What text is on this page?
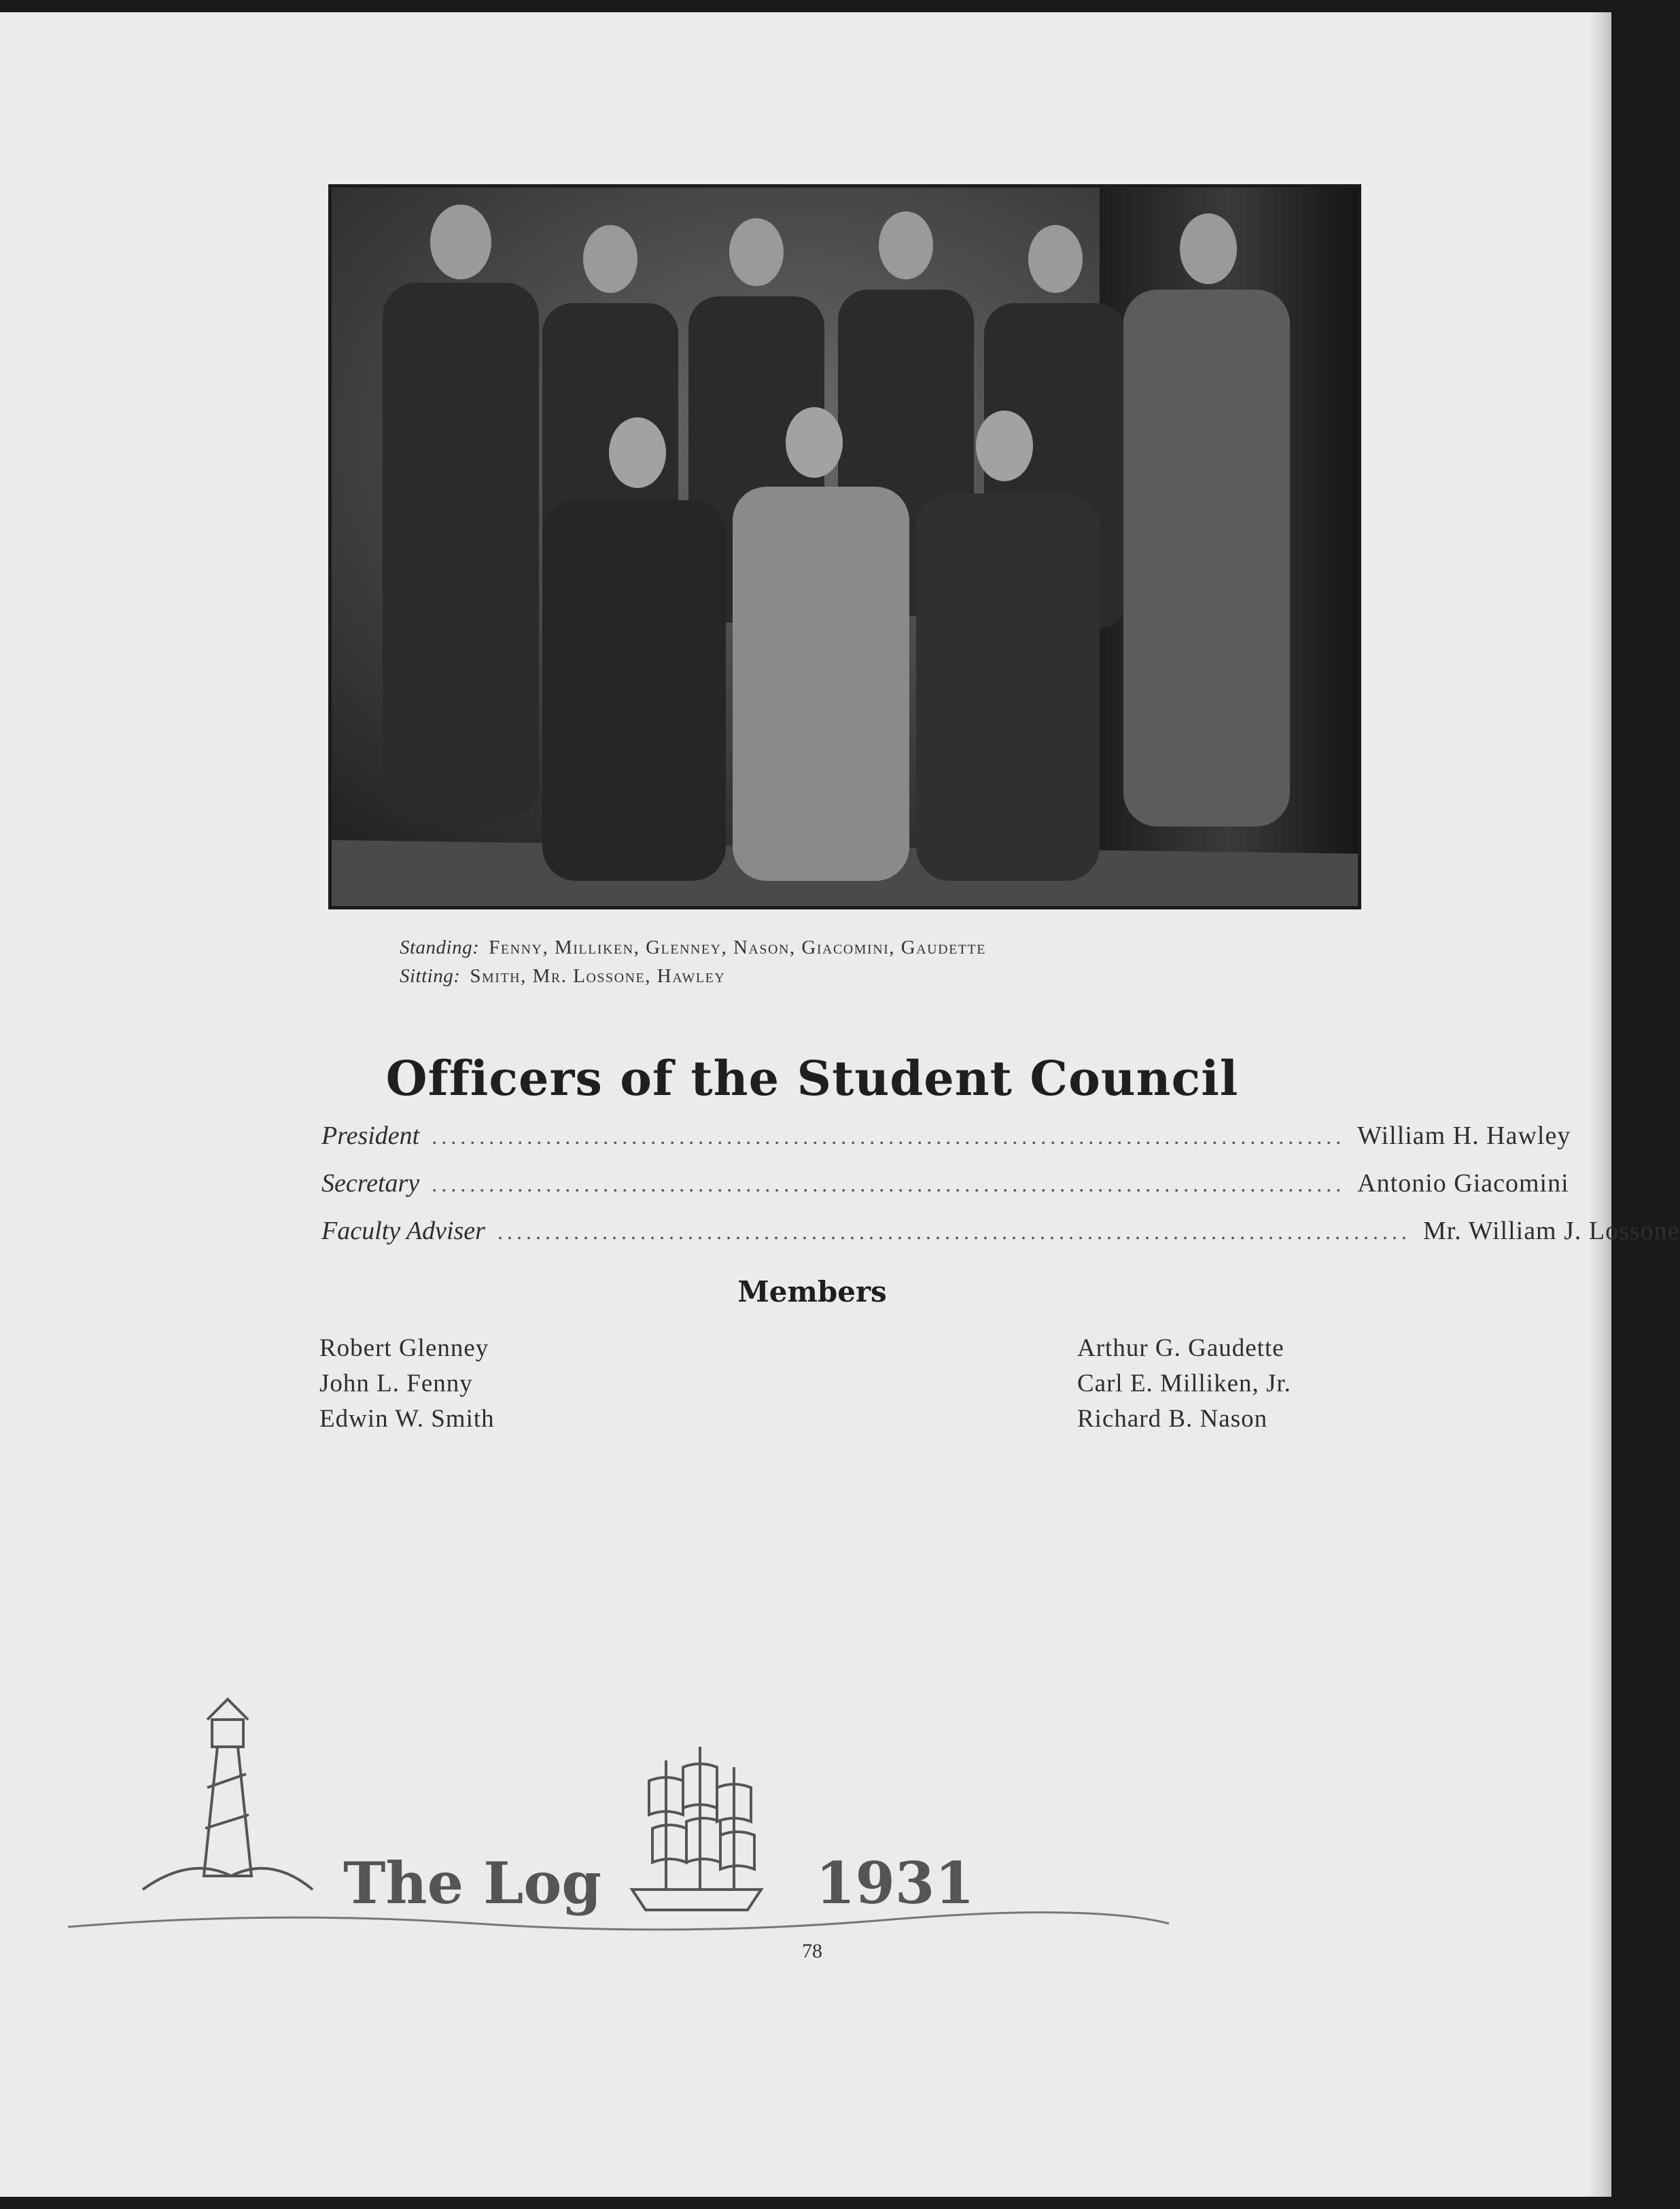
Standing: Fenny, Milliken, Glenney, Nason, Giacomini, Gaudette
Sitting: Smith, Mr. Lossone, Hawley
Officers of the Student Council
President ................................................................................................ William H. Hawley
Secretary ................................................................................................ Antonio Giacomini
Faculty Adviser ................................................................................................ Mr. William J. Lossone
Members
Robert Glenney
John L. Fenny
Edwin W. Smith
Arthur G. Gaudette
Carl E. Milliken, Jr.
Richard B. Nason
The Log	1931
78
